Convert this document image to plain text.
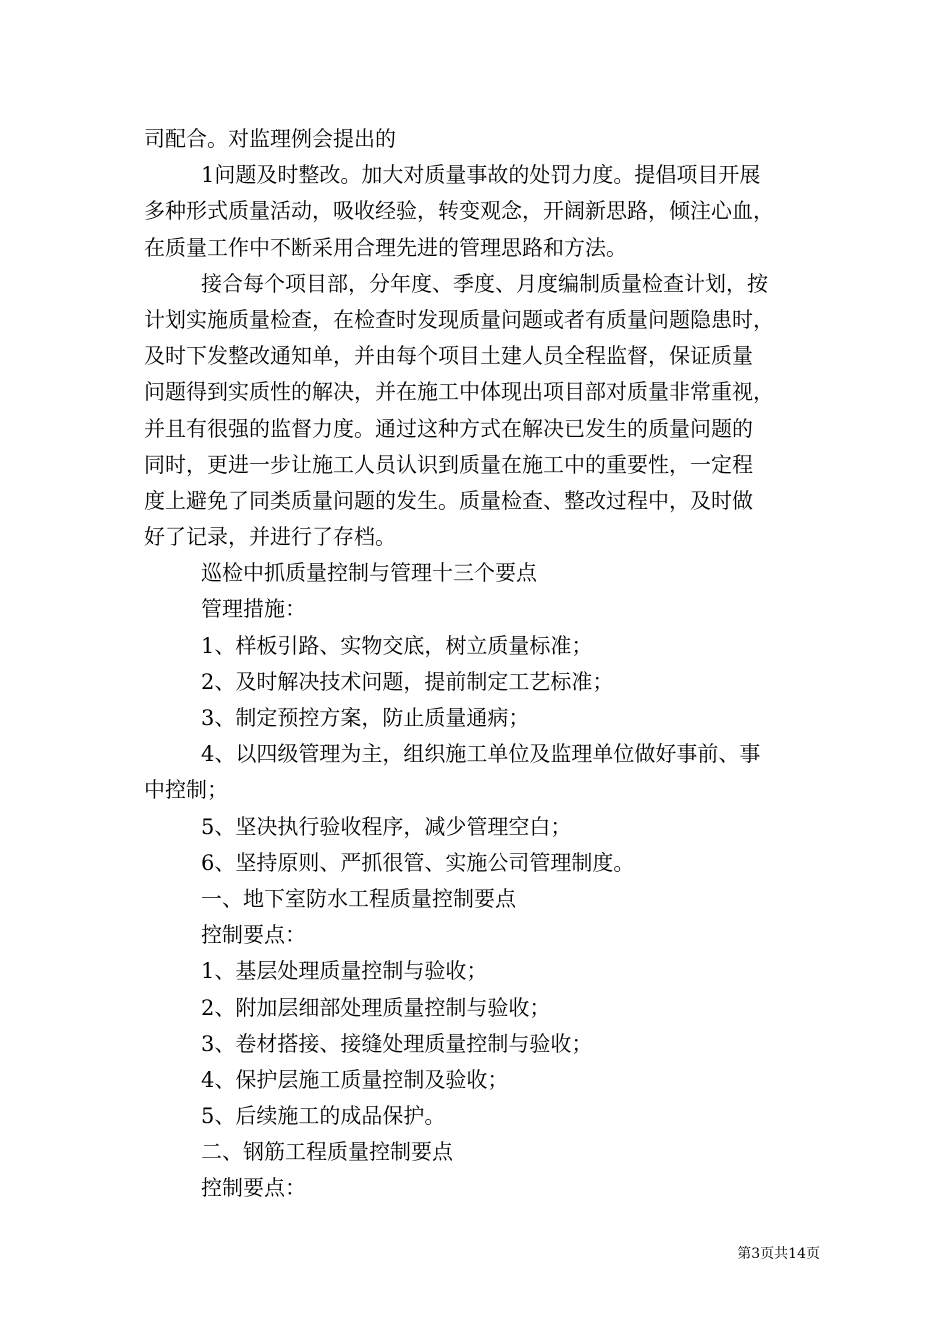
司配合。对监理例会提出的
1问题及时整改。加大对质量事故的处罚力度。提倡项目开展
多种形式质量活动，吸收经验，转变观念，开阔新思路，倾注心血，
在质量工作中不断采用合理先进的管理思路和方法。
接合每个项目部，分年度、季度、月度编制质量检查计划，按
计划实施质量检查，在检查时发现质量问题或者有质量问题隐患时，
及时下发整改通知单，并由每个项目土建人员全程监督，保证质量
问题得到实质性的解决，并在施工中体现出项目部对质量非常重视，
并且有很强的监督力度。通过这种方式在解决已发生的质量问题的
同时，更进一步让施工人员认识到质量在施工中的重要性，一定程
度上避免了同类质量问题的发生。质量检查、整改过程中，及时做
好了记录，并进行了存档。
巡检中抓质量控制与管理十三个要点
管理措施：
1、样板引路、实物交底，树立质量标准；
2、及时解决技术问题，提前制定工艺标准；
3、制定预控方案，防止质量通病；
4、以四级管理为主，组织施工单位及监理单位做好事前、事
中控制；
5、坚决执行验收程序，减少管理空白；
6、坚持原则、严抓很管、实施公司管理制度。
一、地下室防水工程质量控制要点
控制要点：
1、基层处理质量控制与验收；
2、附加层细部处理质量控制与验收；
3、卷材搭接、接缝处理质量控制与验收；
4、保护层施工质量控制及验收；
5、后续施工的成品保护。
二、钢筋工程质量控制要点
控制要点：
第3页共14页
